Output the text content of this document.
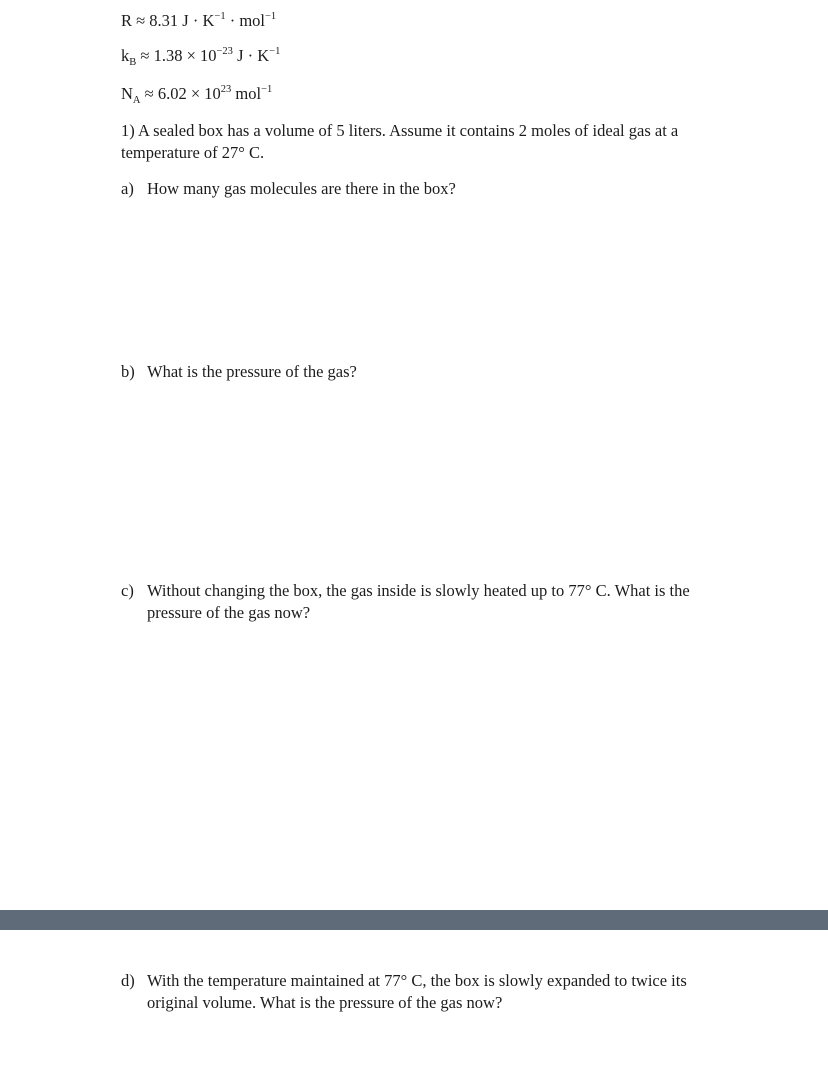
R ≈ 8.31 $J \cdot K^{-1} \cdot mol^{-1}$
$k_B \approx 1.38 \times 10^{-23}$ $J \cdot K^{-1}$
$N_A \approx 6.02 \times 10^{23}$ mol$^{-1}$
1) A sealed box has a volume of 5 liters. Assume it contains 2 moles of ideal gas at a temperature of 27° C.
a) How many gas molecules are there in the box?
b) What is the pressure of the gas?
c) Without changing the box, the gas inside is slowly heated up to 77° C. What is the pressure of the gas now?
d) With the temperature maintained at 77° C, the box is slowly expanded to twice its original volume. What is the pressure of the gas now?
